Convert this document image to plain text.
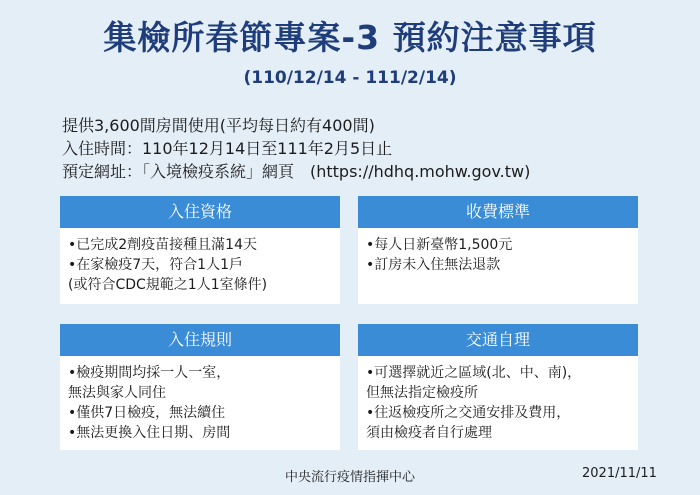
集檢所春節專案-3 預約注意事項
(110/12/14 - 111/2/14)
提供3,600間房間使用(平均每日約有400間)
入住時間：110年12月14日至111年2月5日止
預定網址：「入境檢疫系統」網頁　(https://hdhq.mohw.gov.tw)
入住資格
•已完成2劑疫苗接種且滿14天
•在家檢疫7天，符合1人1戶
(或符合CDC規範之1人1室條件)
收費標準
•每人日新臺幣1,500元
•訂房未入住無法退款
入住規則
•檢疫期間均採一人一室，
無法與家人同住
•僅供7日檢疫，無法續住
•無法更換入住日期、房間
交通自理
•可選擇就近之區域(北、中、南)，
但無法指定檢疫所
•往返檢疫所之交通安排及費用，
須由檢疫者自行處理
中央流行疫情指揮中心	2021/11/11
